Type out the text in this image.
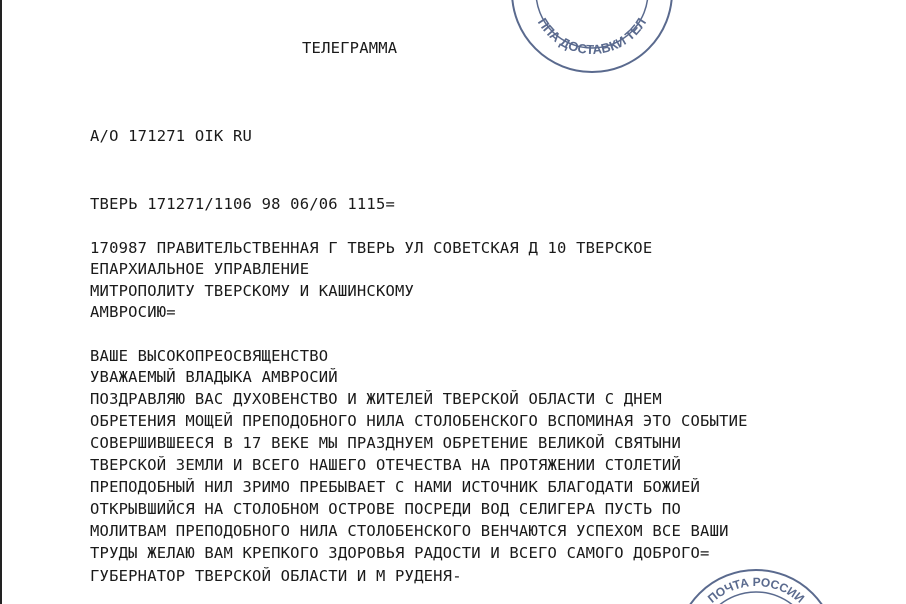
ППА ДОСТАВКИ ТЕЛ
ПОЧТА РОССИИ
ТЕЛЕГРАММА
А/О 171271 OIK RU
ТВЕРЬ 171271/1106 98 06/06 1115=
170987 ПРАВИТЕЛЬСТВЕННАЯ Г ТВЕРЬ УЛ СОВЕТСКАЯ Д 10 ТВЕРСКОЕ
ЕПАРХИАЛЬНОЕ УПРАВЛЕНИЕ
МИТРОПОЛИТУ ТВЕРСКОМУ И КАШИНСКОМУ
АМВРОСИЮ=
ВАШЕ ВЫСОКОПРЕОСВЯЩЕНСТВО
УВАЖАЕМЫЙ ВЛАДЫКА АМВРОСИЙ
ПОЗДРАВЛЯЮ ВАС ДУХОВЕНСТВО И ЖИТЕЛЕЙ ТВЕРСКОЙ ОБЛАСТИ С ДНЕМ
ОБРЕТЕНИЯ МОЩЕЙ ПРЕПОДОБНОГО НИЛА СТОЛОБЕНСКОГО ВСПОМИНАЯ ЭТО СОБЫТИЕ
СОВЕРШИВШЕЕСЯ В 17 ВЕКЕ МЫ ПРАЗДНУЕМ ОБРЕТЕНИЕ ВЕЛИКОЙ СВЯТЫНИ
ТВЕРСКОЙ ЗЕМЛИ И ВСЕГО НАШЕГО ОТЕЧЕСТВА НА ПРОТЯЖЕНИИ СТОЛЕТИЙ
ПРЕПОДОБНЫЙ НИЛ ЗРИМО ПРЕБЫВАЕТ С НАМИ ИСТОЧНИК БЛАГОДАТИ БОЖИЕЙ
ОТКРЫВШИЙСЯ НА СТОЛОБНОМ ОСТРОВЕ ПОСРЕДИ ВОД СЕЛИГЕРА ПУСТЬ ПО
МОЛИТВАМ ПРЕПОДОБНОГО НИЛА СТОЛОБЕНСКОГО ВЕНЧАЮТСЯ УСПЕХОМ ВСЕ ВАШИ
ТРУДЫ ЖЕЛАЮ ВАМ КРЕПКОГО ЗДОРОВЬЯ РАДОСТИ И ВСЕГО САМОГО ДОБРОГО=
ГУБЕРНАТОР ТВЕРСКОЙ ОБЛАСТИ И М РУДЕНЯ-
